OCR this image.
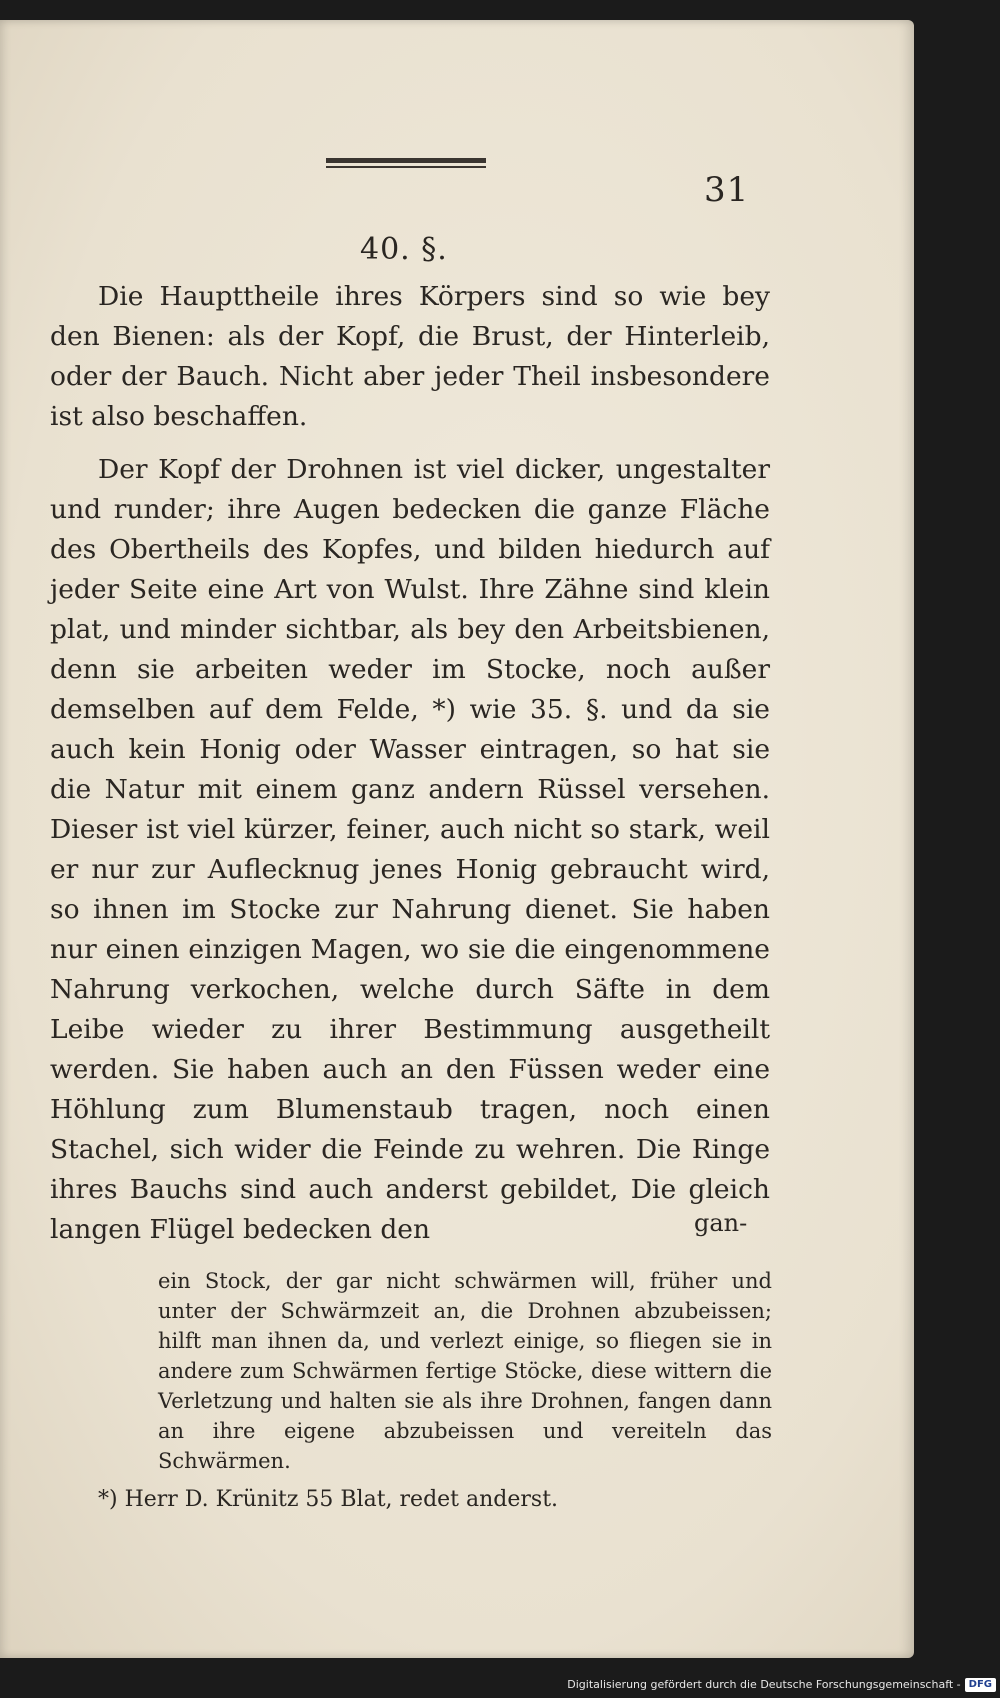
31
40. §.

Die Haupttheile ihres Körpers sind so wie bey den Bienen: als der Kopf, die Brust, der Hinterleib, oder der Bauch. Nicht aber jeder Theil insbesondere ist also beschaffen.

Der Kopf der Drohnen ist viel dicker, ungestalter und runder; ihre Augen bedecken die ganze Fläche des Obertheils des Kopfes, und bilden hiedurch auf jeder Seite eine Art von Wulst. Ihre Zähne sind klein plat, und minder sichtbar, als bey den Arbeitsbienen, denn sie arbeiten weder im Stocke, noch außer demselben auf dem Felde, *) wie 35. §. und da sie auch kein Honig oder Wasser eintragen, so hat sie die Natur mit einem ganz andern Rüssel versehen. Dieser ist viel kürzer, feiner, auch nicht so stark, weil er nur zur Auflecknug jenes Honig gebraucht wird, so ihnen im Stocke zur Nahrung dienet. Sie haben nur einen einzigen Magen, wo sie die eingenommene Nahrung verkochen, welche durch Säfte in dem Leibe wieder zu ihrer Bestimmung ausgetheilt werden. Sie haben auch an den Füssen weder eine Höhlung zum Blumenstaub tragen, noch einen Stachel, sich wider die Feinde zu wehren. Die Ringe ihres Bauchs sind auch anderst gebildet, Die gleich langen Flügel bedecken den	gan-

ein Stock, der gar nicht schwärmen will, früher und unter der Schwärmzeit an, die Drohnen abzubeissen; hilft man ihnen da, und verlezt einige, so fliegen sie in andere zum Schwärmen fertige Stöcke, diese wittern die Verletzung und halten sie als ihre Drohnen, fangen dann an ihre eigene abzubeissen und vereiteln das Schwärmen.

*) Herr D. Krünitz 55 Blat, redet anderst.
Digitalisierung gefördert durch die Deutsche Forschungsgemeinschaft - DFG
